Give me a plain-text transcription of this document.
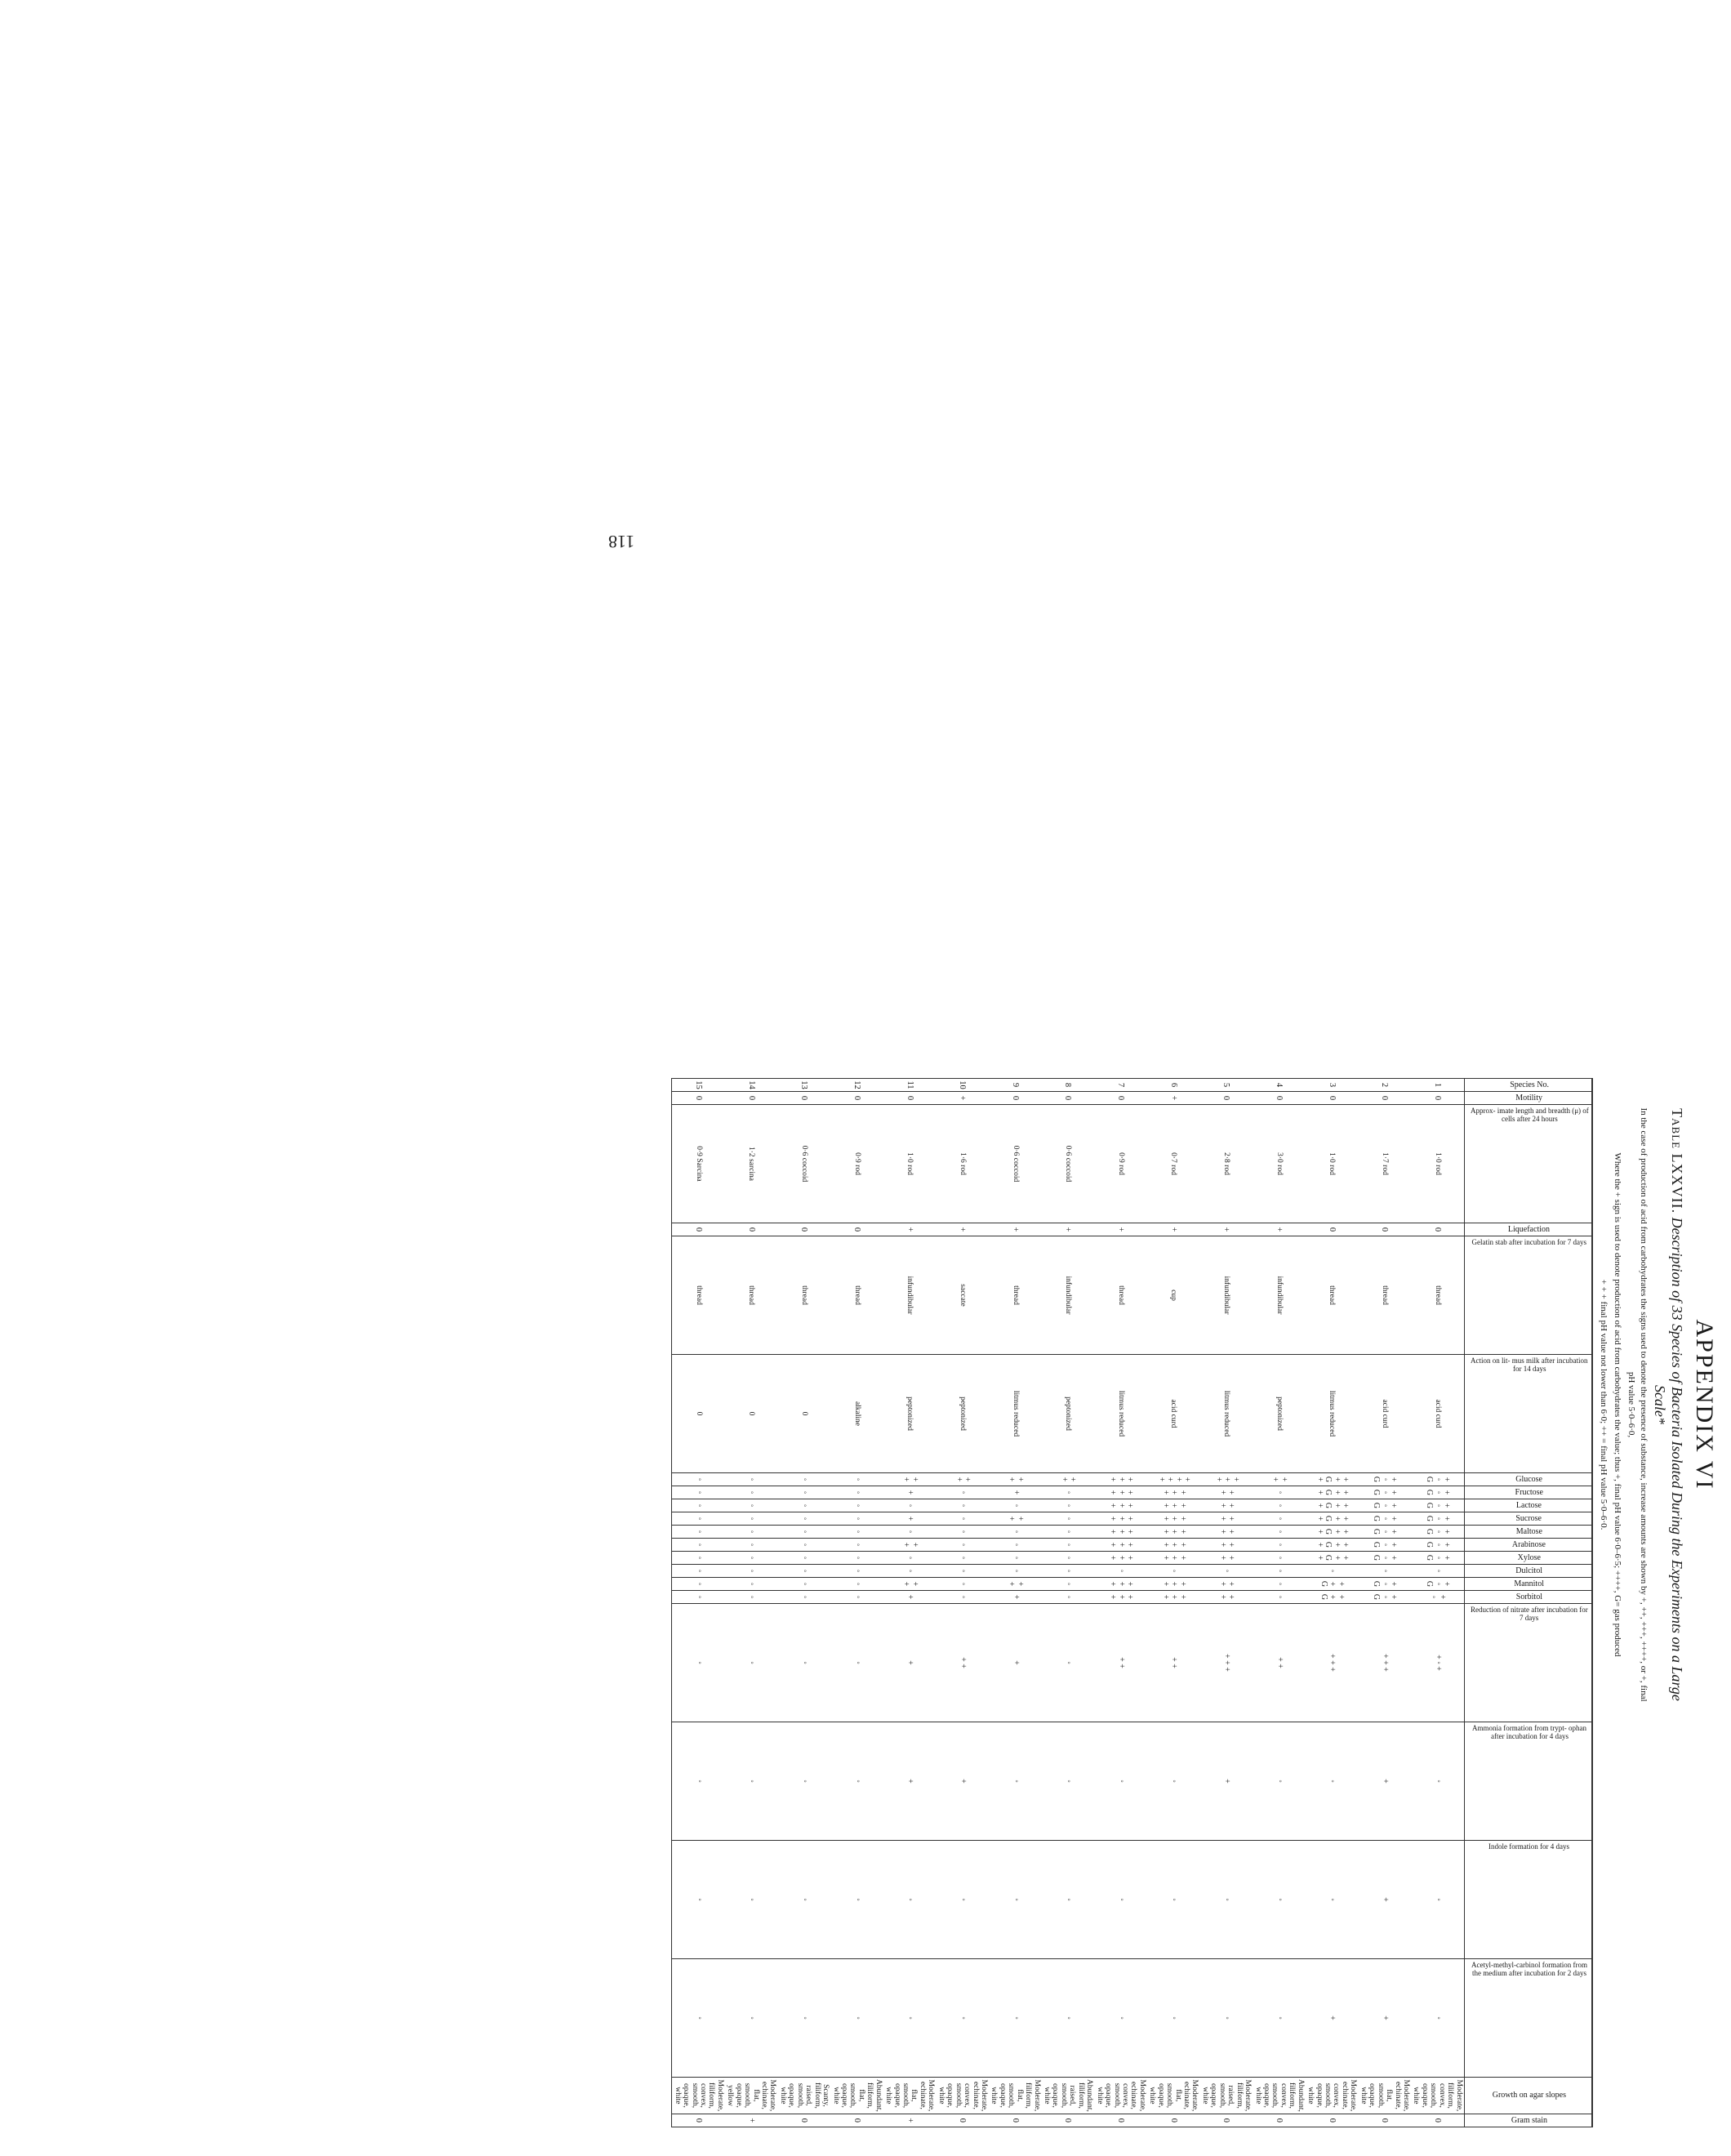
118
APPENDIX VI
Table LXXVII. Description of 33 Species of Bacteria Isolated During the Experiments on a Large Scale*
In the case of production of acid from carbohydrates the signs used to denote the presence of substance, increase amounts are shown by +, ++, +++, ++++, or +, final pH value 5·0–6·0,
Where the + sign is used to denote production of acid from carbohydrates the value; thus +, final pH value 6·0–6·5; ++++, G= gas produced
+ + + final pH value not lower than 6·0; ++ = final pH value 5·0–6·0.
Species No.	Motility	Approx- imate length and breadth (μ) of cells after 24 hours	Liquefaction	Gelatin stab after incubation for 7 days	Action on lit- mus milk after incubation for 14 days	Glucose	Fructose	Lactose	Sucrose	Maltose	Arabinose	Xylose	Dulcitol	Mannitol	Sorbitol	Reduction of nitrate after incubation for 7 days	Ammonia formation from trypt- ophan after incubation for 4 days	Indole formation for 4 days	Acetyl-methyl-carbinol formation from the medium after incubation for 2 days	Growth on agar slopes	Gram stain
1	0	1·0 rod	0	thread	acid curd	+ ◦ G	+ ◦ G	+ ◦ G	+ ◦ G	+ ◦ G	+ ◦ G	+ ◦ G	◦	+ ◦ G	+ ◦	+ ◦ +	◦	◦	◦	Moderate, filiform, convex, smooth, opaque, white	0
2	0	1·7 rod	0	thread	acid curd	+ ◦ G	+ ◦ G	+ ◦ G	+ ◦ G	+ ◦ G	+ ◦ G	+ ◦ G	◦	+ ◦ G	+ ◦ G	+ + +	+	+	+	Moderate, echinate, flat, smooth, opaque, white	0
3	0	1·0 rod	0	thread	litmus reduced	+ + G +	+ + G +	+ + G +	+ + G +	+ + G +	+ + G +	+ + G +	◦	+ + G	+ + G	+ + +	◦	◦	+	Moderate, echinate, convex, smooth, opaque, white	0
4	0	3·0 rod	+	infundibular	peptonized	+ +	◦	◦	◦	◦	◦	◦	◦	◦	◦	+ +	◦	◦	◦	Abundant, filiform, convex, smooth, opaque, white	0
5	0	2·8 rod	+	infundibular	litmus reduced	+ + +	+ +	+ +	+ +	+ +	+ +	+ +	◦	+ +	+ +	+ + +	+	◦	◦	Moderate, filiform, raised, smooth, opaque, white	0
6	+	0·7 rod	+	cup	acid curd	+ + + +	+ + +	+ + +	+ + +	+ + +	+ + +	+ + +	◦	+ + +	+ + +	+ +	◦	◦	◦	Moderate, echinate, flat, smooth, opaque, white	0
7	0	0·9 rod	+	thread	litmus reduced	+ + +	+ + +	+ + +	+ + +	+ + +	+ + +	+ + +	◦	+ + +	+ + +	+ +	◦	◦	◦	Moderate, echinate, convex, smooth, opaque, white	0
8	0	0·6 coccoid	+	infundibular	peptonized	+ +	◦	◦	◦	◦	◦	◦	◦	◦	◦	◦	◦	◦	◦	Abundant, filiform, raised, smooth, opaque, white	0
9	0	0·6 coccoid	+	thread	litmus reduced	+ +	+	◦	+ +	◦	◦	◦	◦	+ +	+	+	◦	◦	◦	Moderate, filiform, flat, smooth, opaque, white	0
10	+	1·6 rod	+	saccate	peptonized	+ +	◦	◦	◦	◦	◦	◦	◦	◦	◦	+ +	+	◦	◦	Moderate, echinate, convex, smooth, opaque, white	0
11	0	1·0 rod	+	infundibular	peptonized	+ +	+	◦	+	◦	+ +	◦	◦	+ +	+	+	+	◦	◦	Moderate, echinate, flat, smooth, opaque, white	+
12	0	0·9 rod	0	thread	alkaline	◦	◦	◦	◦	◦	◦	◦	◦	◦	◦	◦	◦	◦	◦	Abundant, filiform, flat, smooth, opaque, white	0
13	0	0·6 coccoid	0	thread	0	◦	◦	◦	◦	◦	◦	◦	◦	◦	◦	◦	◦	◦	◦	Scanty, filiform, raised, smooth, opaque, white	0
14	0	1·2 sarcina	0	thread	0	◦	◦	◦	◦	◦	◦	◦	◦	◦	◦	◦	◦	◦	◦	Moderate, echinate, flat, smooth, opaque, yellow	+
15	0	0·9 Sarcina	0	thread	0	◦	◦	◦	◦	◦	◦	◦	◦	◦	◦	◦	◦	◦	◦	Moderate, filiform, convex, smooth, opaque, white	0
